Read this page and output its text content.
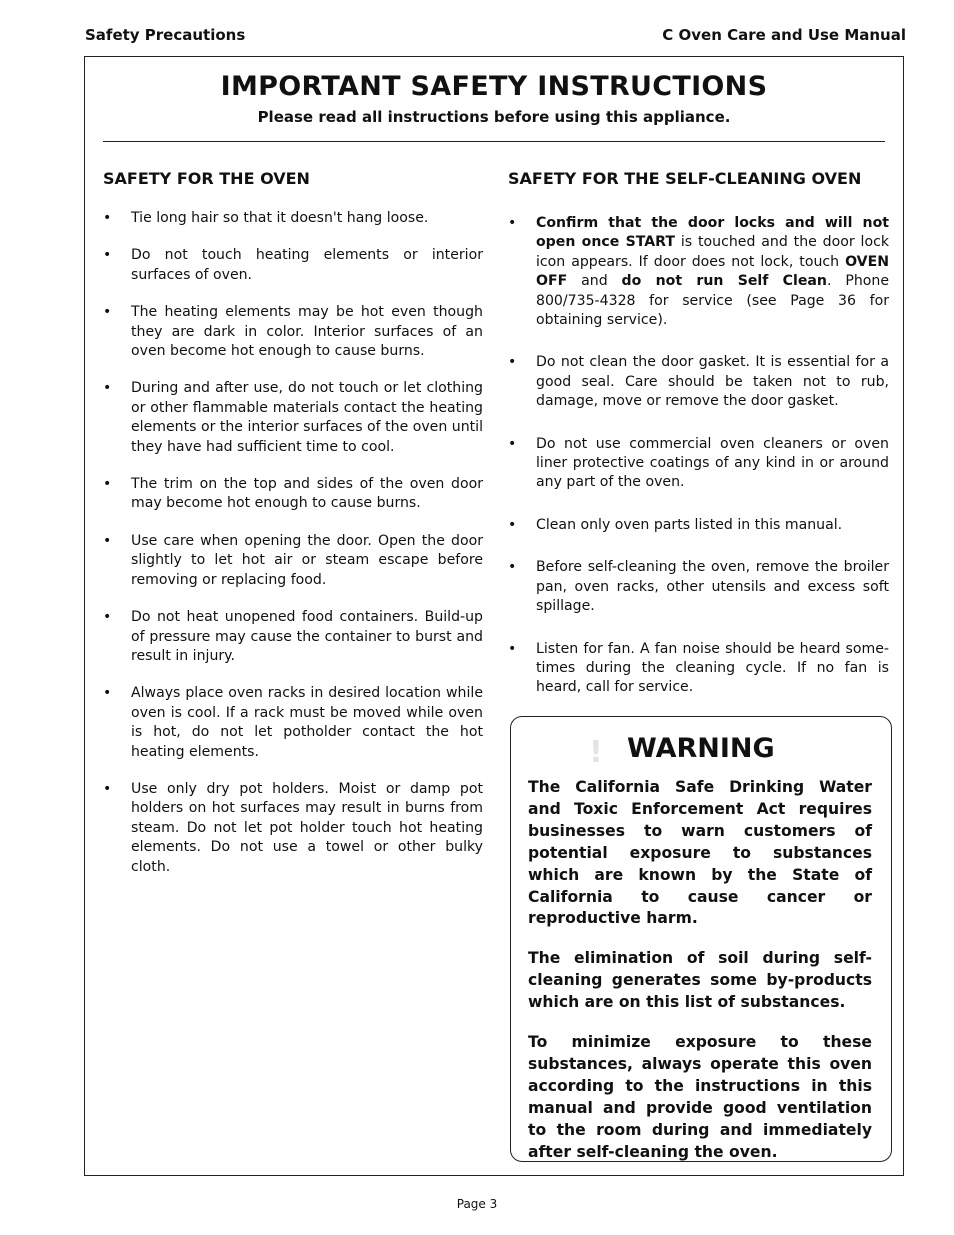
Safety Precautions	C Oven Care and Use Manual
IMPORTANT SAFETY INSTRUCTIONS
Please read all instructions before using this appliance.
SAFETY FOR THE OVEN
• Tie long hair so that it doesn't hang loose.
• Do not touch heating elements or interior surfaces of oven.
• The heating elements may be hot even though they are dark in color. Interior surfaces of an oven become hot enough to cause burns.
• During and after use, do not touch or let clothing or other flammable materials contact the heating elements or the interior surfaces of the oven until they have had sufficient time to cool.
• The trim on the top and sides of the oven door may become hot enough to cause burns.
• Use care when opening the door. Open the door slightly to let hot air or steam escape before removing or replacing food.
• Do not heat unopened food containers. Build-up of pressure may cause the container to burst and result in injury.
• Always place oven racks in desired location while oven is cool. If a rack must be moved while oven is hot, do not let potholder contact the hot heating elements.
• Use only dry pot holders. Moist or damp pot holders on hot surfaces may result in burns from steam. Do not let pot holder touch hot heating elements. Do not use a towel or other bulky cloth.
SAFETY FOR THE SELF-CLEANING OVEN
• Confirm that the door locks and will not open once START is touched and the door lock icon appears. If door does not lock, touch OVEN OFF and do not run Self Clean. Phone 800/735-4328 for service (see Page 36 for obtaining service).
• Do not clean the door gasket. It is essential for a good seal. Care should be taken not to rub, damage, move or remove the door gasket.
• Do not use commercial oven cleaners or oven liner protective coatings of any kind in or around any part of the oven.
• Clean only oven parts listed in this manual.
• Before self-cleaning the oven, remove the broiler pan, oven racks, other utensils and excess soft spillage.
• Listen for fan. A fan noise should be heard some-times during the cleaning cycle. If no fan is heard, call for service.
! WARNING

The California Safe Drinking Water and Toxic Enforcement Act requires businesses to warn customers of potential exposure to substances which are known by the State of California to cause cancer or reproductive harm.

The elimination of soil during self-cleaning generates some by-products which are on this list of substances.

To minimize exposure to these substances, always operate this oven according to the instructions in this manual and provide good ventilation to the room during and immediately after self-cleaning the oven.

Page 3
